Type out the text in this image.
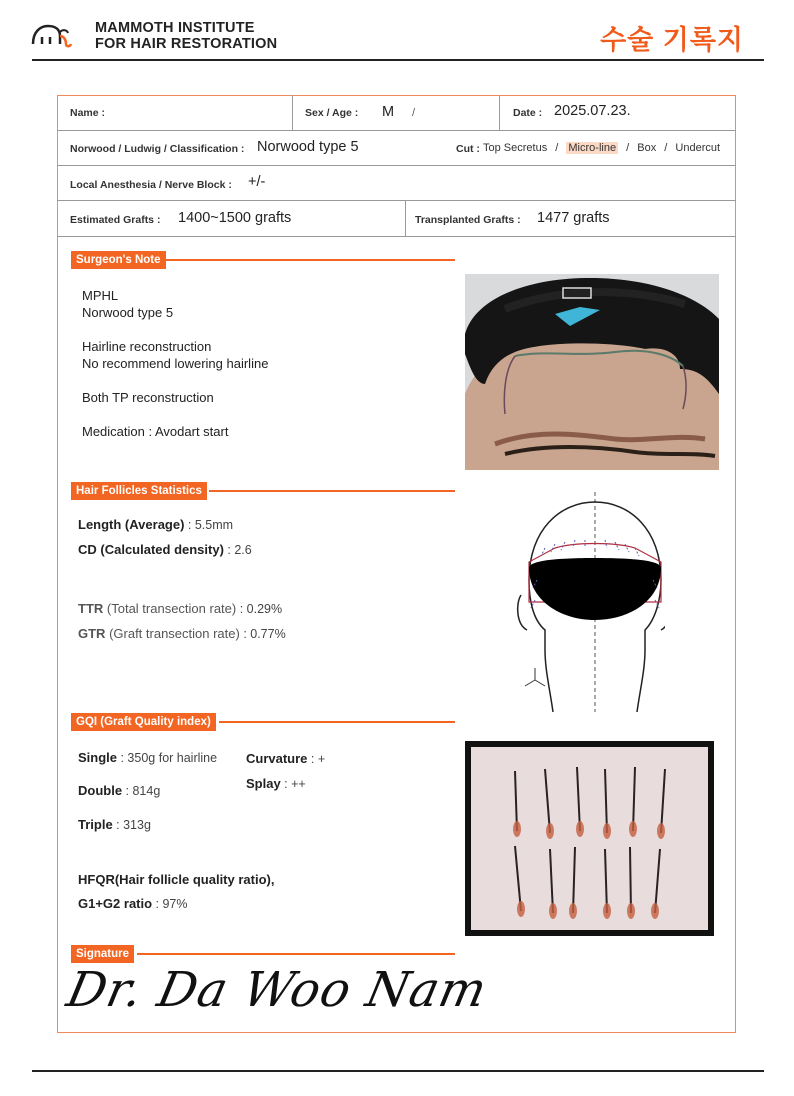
MAMMOTH INSTITUTE
FOR HAIR RESTORATION	수술 기록지
Name :	Sex / Age : M /	Date : 2025.07.23.
Norwood / Ludwig / Classification : Norwood type 5	Cut : Top Secretus / Micro-line / Box / Undercut
Local Anesthesia / Nerve Block : +/-
Estimated Grafts : 1400~1500 grafts	Transplanted Grafts : 1477 grafts
Surgeon's Note
MPHL
Norwood type 5
Hairline reconstruction
No recommend lowering hairline
Both TP reconstruction
Medication : Avodart start
Hair Follicles Statistics
Length (Average) : 5.5mm
CD (Calculated density) : 2.6
TTR (Total transection rate) : 0.29%
GTR (Graft transection rate) : 0.77%
GQI (Graft Quality index)
Single : 350g for hairline Curvature : +
Splay : ++
Double : 814g
Triple : 313g
HFQR(Hair follicle quality ratio),
G1+G2 ratio : 97%
Signature
Dr. Da Woo Nam
